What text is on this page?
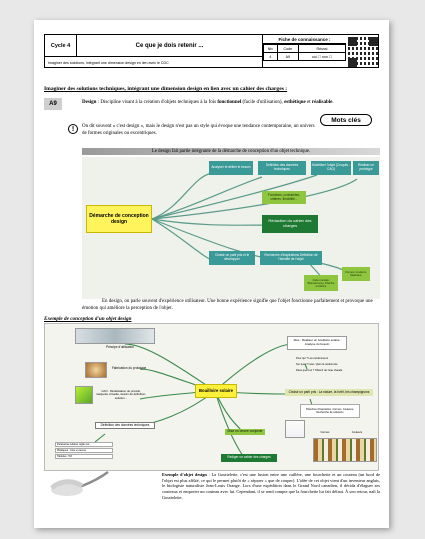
Cycle 4	Ce que je dois retenir ...
Imaginer des solutions, intégrant une dimension design en lien avec le CDC
Fiche de connaissance :
Niv	Code	Réussi
4	A9	oui ☐ non ☐
Imaginer des solutions techniques, intégrant une dimension design en lien avec un cahier des charges :
A9	Design : Discipline visant à la création d'objets techniques à la fois fonctionnel (facile d'utilisation), esthétique et réalisable.
Mots clés
!	On dit souvent « c'est design », mais le design n'est pas un style qui évoque une tendance contemporaine, un univers de formes originales ou excentriques.
Le design fait partie intégrante de la démarche de conception d'un objet technique.
Analyser et définir le besoin	Définition des données techniques
Modéliser l'objet (Croquis - CAO)
Réaliser un prototype
Fonctions, contraintes, critères, flexibilité...
Démarche de conception design	Rédaction du cahier des charges
Choisir un parti pris et le développer
Recherche d'inspirations Définition de l'identité de l'objet
Carte mentale, Brainstorming, Planche tendance
Formes, Couleurs, Matériaux
En design, on parle souvent d'expérience utilisateur. Une bonne expérience signifie que l'objet fonctionne parfaitement et provoque une émotion qui améliore la perception de l'objet.
Exemple de conception d'un objet design
Principe d'utilisation
Fabrication du prototype
CAO : Modélisation du produit, maquette virtuelle, dessin de définition, solution...
Définition des données techniques
Bouilloire solaire
Idée : Réaliser un bouilloire solaire. Analyse du besoin
Pour qui ? Les randonneurs
Sur quoi ? l'eau / plein la randonnée
Dans quel but ? Obtenir de l'eau chaude
Choisir un parti pris : La nature, la forêt, les champignons
Planches d'inspiration, Formes, Couleurs, Recherche de solutions
Formes	Couleurs
Mise en œuvre conjointe
Rédiger un cahier des charges
Paramètres solaires réglés sur...
Plastiques : mise en œuvre
Tablettes : 5/3
Exemple d'objet design : La Gouttelette, c'est une fusion entre une cuillère, une fourchette et un couteau (un bord de l'objet est plus affûté, ce qui le permet plutôt de « séparer » que de couper). L'idée de cet objet vient d'un inventeur anglais, le biologiste naturaliste Jean-Louis Orange. Lors d'une expédition dans le Grand Nord canadien, il décida d'élaguer ses couteaux et emporter un couteau avec lui. Cependant, il se rend compte que la fourchette lui fait défaut. À son retour, naît la Gouttelette,
